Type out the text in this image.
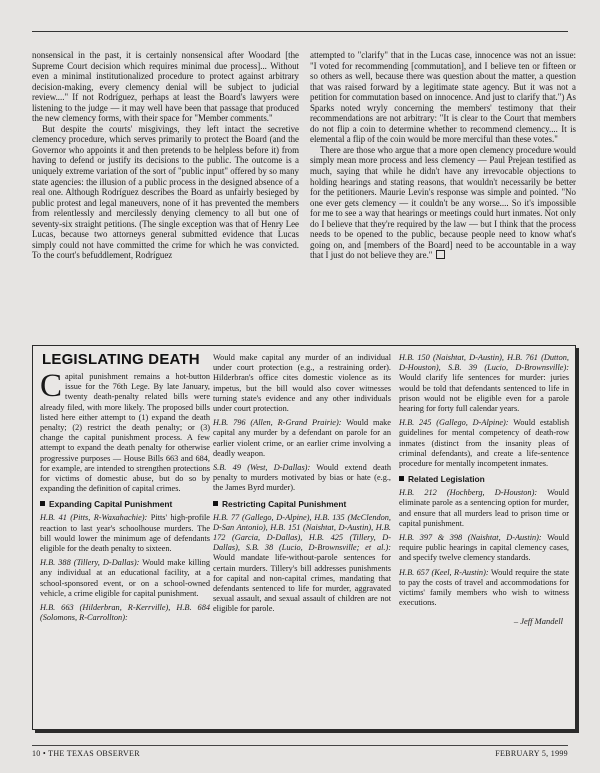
nonsensical in the past, it is certainly nonsensical after Woodard [the Supreme Court decision which requires minimal due process]... Without even a minimal institutionalized procedure to protect against arbitrary decision-making, every clemency denial will be subject to judicial review...." If not Rodríguez, perhaps at least the Board's lawyers were listening to the judge — it may well have been that passage that produced the new clemency forms, with their space for "Member comments."

But despite the courts' misgivings, they left intact the secretive clemency procedure, which serves primarily to protect the Board (and the Governor who appoints it and then pretends to be helpless before it) from having to defend or justify its decisions to the public. The outcome is a uniquely extreme variation of the sort of "public input" offered by so many state agencies: the illusion of a public process in the designed absence of a real one. Although Rodríguez describes the Board as unfairly besieged by public protest and legal maneuvers, none of it has prevented the members from relentlessly and mercilessly denying clemency to all but one of seventy-six straight petitions. (The single exception was that of Henry Lee Lucas, because two attorneys general submitted evidence that Lucas simply could not have committed the crime for which he was convicted. To the court's befuddlement, Rodríguez

attempted to "clarify" that in the Lucas case, innocence was not an issue: "I voted for recommending [commutation], and I believe ten or fifteen or so others as well, because there was question about the matter, a question that was raised forward by a legitimate state agency. But it was not a petition for commutation based on innocence. And just to clarify that.") As Sparks noted wryly concerning the members' testimony that their recommendations are not arbitrary: "It is clear to the Court that members do not flip a coin to determine whether to recommend clemency.... It is elemental a flip of the coin would be more merciful than these votes."

There are those who argue that a more open clemency procedure would simply mean more process and less clemency — Paul Prejean testified as much, saying that while he didn't have any irrevocable objections to holding hearings and stating reasons, that wouldn't necessarily be better for the petitioners. Maurie Levin's response was simple and pointed. "No one ever gets clemency — it couldn't be any worse.... So it's impossible for me to see a way that hearings or meetings could hurt inmates. Not only do I believe that they're required by the law — but I think that the process needs to be opened to the public, because people need to know what's going on, and [members of the Board] need to be accountable in a way that I just do not believe they are."

LEGISLATING DEATH

Capital punishment remains a hot-button issue for the 76th Lege. By late January, twenty death-penalty related bills were already filed, with more likely. The proposed bills listed here either attempt to (1) expand the death penalty; (2) restrict the death penalty; or (3) change the capital punishment process. A few attempt to expand the death penalty for otherwise progressive purposes — House Bills 663 and 684, for example, are intended to strengthen protections for victims of domestic abuse, but do so by expanding the definition of capital crimes.

Expanding Capital Punishment

H.B. 41 (Pitts, R-Waxahachie): Pitts' high-profile reaction to last year's schoolhouse murders. The bill would lower the minimum age of defendants eligible for the death penalty to sixteen.

H.B. 388 (Tillery, D-Dallas): Would make killing any individual at an educational facility, at a school-sponsored event, or on a school-owned vehicle, a crime eligible for capital punishment.

H.B. 663 (Hilderbran, R-Kerrville), H.B. 684 (Solomons, R-Carrollton):

Would make capital any murder of an individual under court protection (e.g., a restraining order). Hilderbran's office cites domestic violence as its impetus, but the bill would also cover witnesses turning state's evidence and any other individuals under court protection.

H.B. 796 (Allen, R-Grand Prairie): Would make capital any murder by a defendant on parole for an earlier violent crime, or an earlier crime involving a deadly weapon.

S.B. 49 (West, D-Dallas): Would extend death penalty to murders motivated by bias or hate (e.g., the James Byrd murder).

Restricting Capital Punishment

H.B. 77 (Gallego, D-Alpine), H.B. 135 (McClendon, D-San Antonio), H.B. 151 (Naishtat, D-Austin), H.B. 172 (Garcia, D-Dallas), H.B. 425 (Tillery, D-Dallas), S.B. 38 (Lucio, D-Brownsville; et al.): Would mandate life-without-parole sentences for certain murders. Tillery's bill addresses punishments for capital and non-capital crimes, mandating that defendants sentenced to life for murder, aggravated sexual assault, and sexual assault of children are not eligible for parole.

H.B. 150 (Naishtat, D-Austin), H.B. 761 (Dutton, D-Houston), S.B. 39 (Lucio, D-Brownsville): Would clarify life sentences for murder: juries would be told that defendants sentenced to life in prison would not be eligible even for a parole hearing for forty full calendar years.

H.B. 245 (Gallego, D-Alpine): Would establish guidelines for mental competency of death-row inmates (distinct from the insanity pleas of criminal defendants), and create a life-sentence procedure for mentally incompetent inmates.

Related Legislation

H.B. 212 (Hochberg, D-Houston): Would eliminate parole as a sentencing option for murder, and ensure that all murders lead to prison time or capital punishment.

H.B. 397 & 398 (Naishtat, D-Austin): Would require public hearings in capital clemency cases, and specify twelve clemency standards.

H.B. 657 (Keel, R-Austin): Would require the state to pay the costs of travel and accommodations for victims' family members who wish to witness executions.

– Jeff Mandell
10 • THE TEXAS OBSERVER	FEBRUARY 5, 1999
